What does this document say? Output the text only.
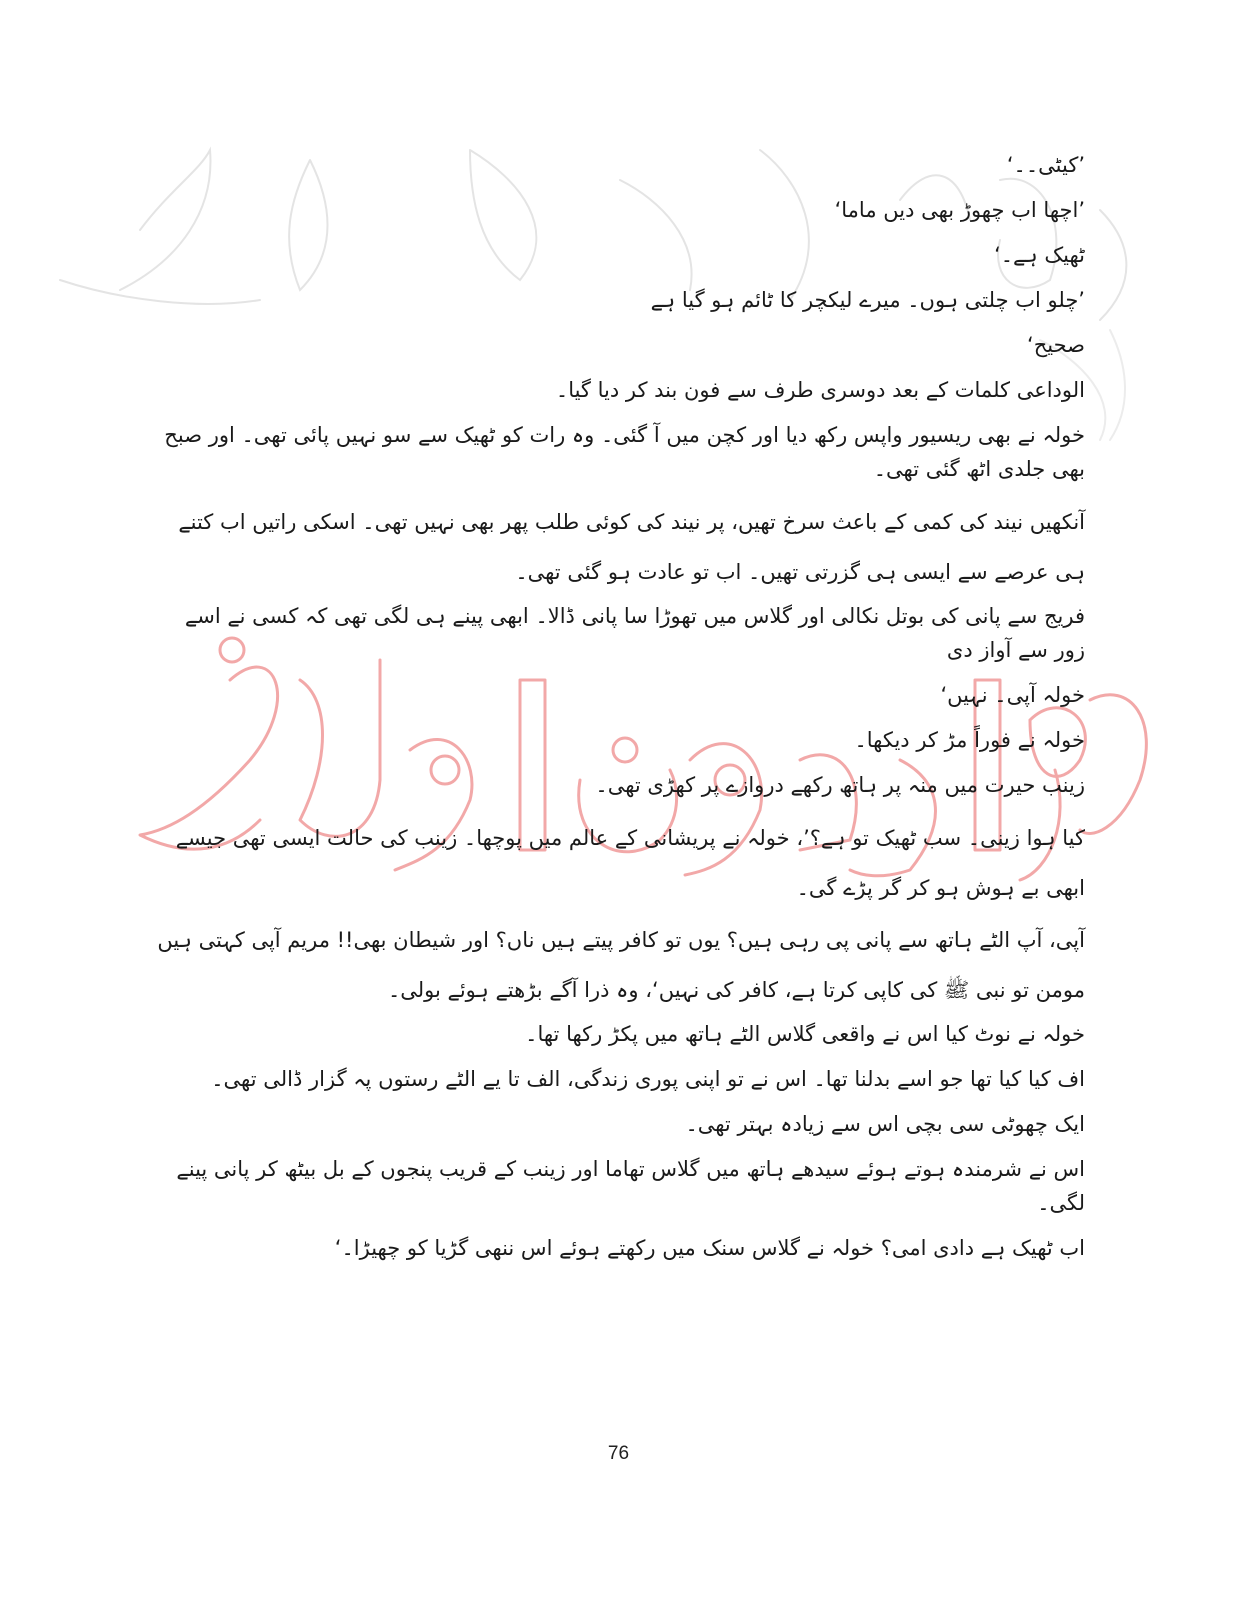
’کیٹی۔۔‘

’اچھا اب چھوڑ بھی دیں ماما‘

ٹھیک ہے۔‘

’چلو اب چلتی ہوں۔ میرے لیکچر کا ٹائم ہو گیا ہے

صحیح‘

الوداعی کلمات کے بعد دوسری طرف سے فون بند کر دیا گیا۔

خولہ نے بھی ریسیور واپس رکھ دیا اور کچن میں آ گئی۔ وہ رات کو ٹھیک سے سو نہیں پائی تھی۔ اور صبح بھی جلدی اٹھ گئی تھی۔

آنکھیں نیند کی کمی کے باعث سرخ تھیں، پر نیند کی کوئی طلب پھر بھی نہیں تھی۔ اسکی راتیں اب کتنے ہی عرصے سے ایسی ہی گزرتی تھیں۔ اب تو عادت ہو گئی تھی۔

فریج سے پانی کی بوتل نکالی اور گلاس میں تھوڑا سا پانی ڈالا۔ ابھی پینے ہی لگی تھی کہ کسی نے اسے زور سے آواز دی

خولہ آپی۔ نہیں‘

خولہ نے فوراً مڑ کر دیکھا۔

زینب حیرت میں منہ پر ہاتھ رکھے دروازے پر کھڑی تھی۔

کیا ہوا زینی۔ سب ٹھیک تو ہے؟’، خولہ نے پریشانی کے عالم میں پوچھا۔ زینب کی حالت ایسی تھی جیسے ابھی بے ہوش ہو کر گر پڑے گی۔

آپی، آپ الٹے ہاتھ سے پانی پی رہی ہیں؟ یوں تو کافر پیتے ہیں ناں؟ اور شیطان بھی!! مریم آپی کہتی ہیں مومن تو نبی ﷺ کی کاپی کرتا ہے، کافر کی نہیں‘، وہ ذرا آگے بڑھتے ہوئے بولی۔

خولہ نے نوٹ کیا اس نے واقعی گلاس الٹے ہاتھ میں پکڑ رکھا تھا۔

اف کیا کیا تھا جو اسے بدلنا تھا۔ اس نے تو اپنی پوری زندگی، الف تا یے الٹے رستوں پہ گزار ڈالی تھی۔

ایک چھوٹی سی بچی اس سے زیادہ بہتر تھی۔

اس نے شرمندہ ہوتے ہوئے سیدھے ہاتھ میں گلاس تھاما اور زینب کے قریب پنجوں کے بل بیٹھ کر پانی پینے لگی۔

اب ٹھیک ہے دادی امی؟ خولہ نے گلاس سنک میں رکھتے ہوئے اس ننھی گڑیا کو چھیڑا۔‘

76
